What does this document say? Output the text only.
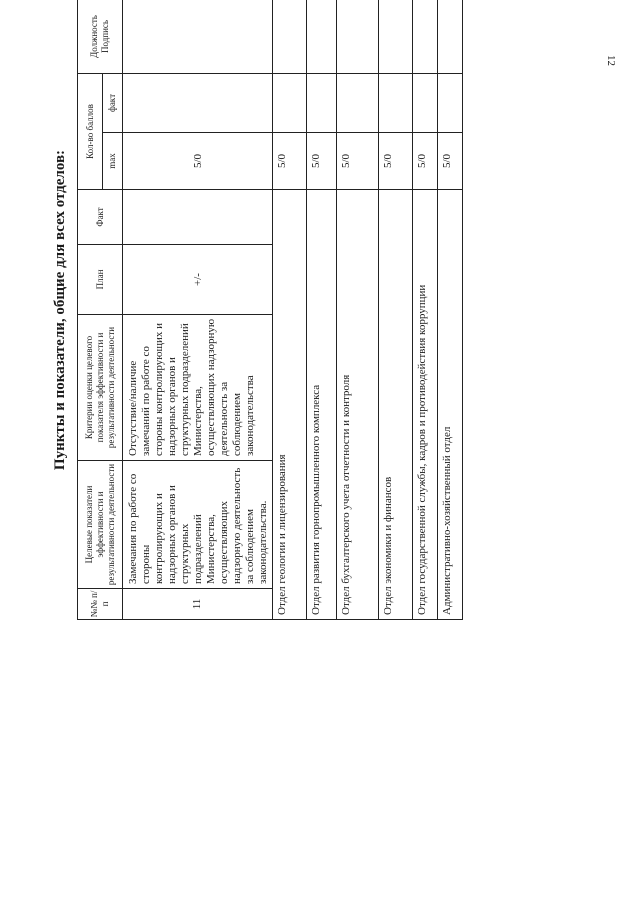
12
Пункты и показатели, общие для всех отделов:
№№ п/п	Целевые показатели эффективности и результативности деятельности	Критерии оценки целевого показателя эффективности и результативности деятельности	План	Факт	Кол-во баллов		Должность Подпись
					max	факт	
11	Замечания по работе со стороны контролирующих и надзорных органов и структурных подразделений Министерства, осуществляющих надзорную деятельность за соблюдением законодательства.	Отсутствие/наличие замечаний по работе со стороны контролирующих и надзорных органов и структурных подразделений Министерства, осуществляющих надзорную деятельность за соблюдением законодательства	+/-		5/0		
Отдел геологии и лицензирования					5/0		
Отдел развития горнопромышленного комплекса					5/0		
Отдел бухгалтерского учета отчетности и контроля					5/0		
Отдел экономики и финансов					5/0		
Отдел государственной службы, кадров и противодействия коррупции					5/0		
Административно-хозяйственный отдел					5/0		
